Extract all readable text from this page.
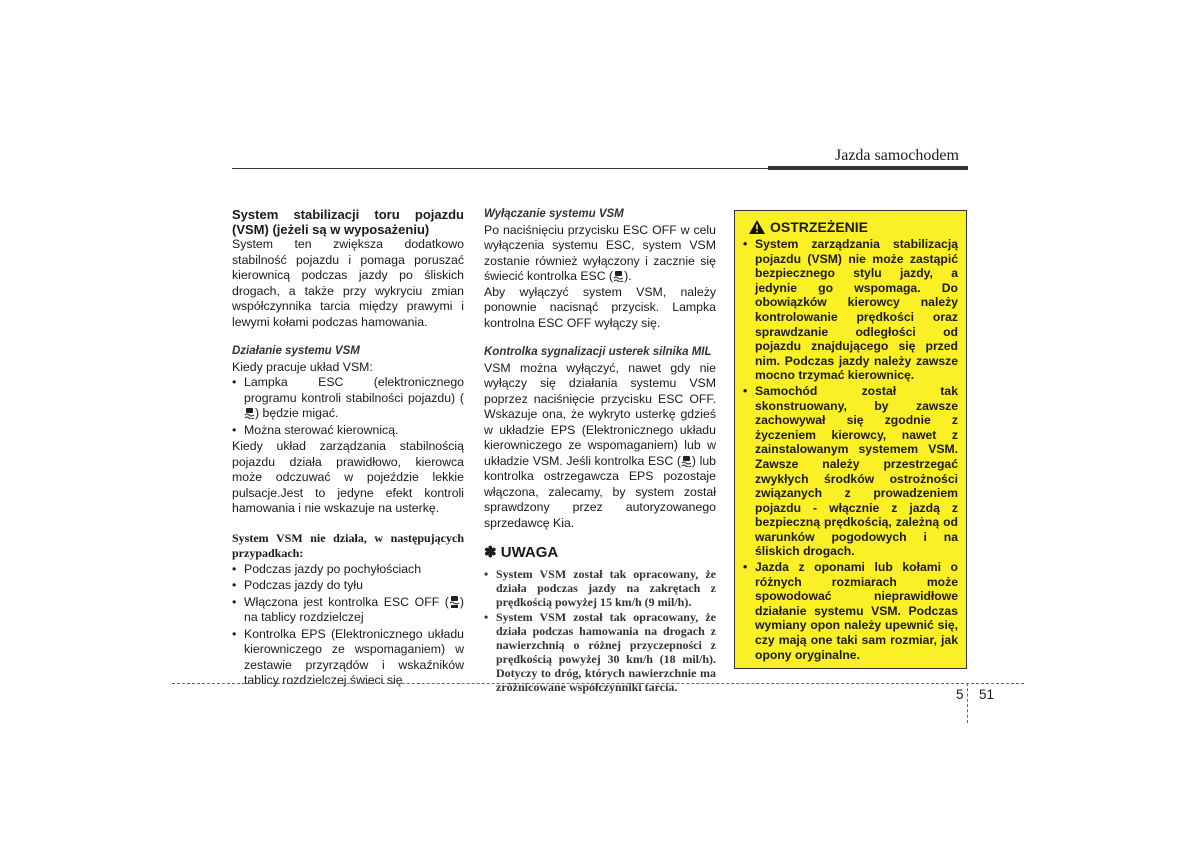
Jazda samochodem

System stabilizacji toru pojazdu (VSM) (jeżeli są w wyposażeniu)

System ten zwiększa dodatkowo stabilność pojazdu i pomaga poruszać kierownicą podczas jazdy po śliskich drogach, a także przy wykryciu zmian współczynnika tarcia między prawymi i lewymi kołami podczas hamowania.

Działanie systemu VSM

Kiedy pracuje układ VSM:

• Lampka ESC (elektronicznego programu kontroli stabilności pojazdu) () będzie migać.
• Można sterować kierownicą.

Kiedy układ zarządzania stabilnością pojazdu działa prawidłowo, kierowca może odczuwać w pojeździe lekkie pulsacje.Jest to jedyne efekt kontroli hamowania i nie wskazuje na usterkę.

System VSM nie działa, w następujących przypadkach:

• Podczas jazdy po pochyłościach
• Podczas jazdy do tyłu
• Włączona jest kontrolka ESC OFF ( ) na tablicy rozdzielczej
• Kontrolka EPS (Elektronicznego układu kierowniczego ze wspomaganiem) w zestawie przyrządów i wskaźników tablicy rozdzielczej świeci się

Wyłączanie systemu VSM

Po naciśnięciu przycisku ESC OFF w celu wyłączenia systemu ESC, system VSM zostanie również wyłączony i zacznie się świecić kontrolka ESC ( ).

Aby wyłączyć system VSM, należy ponownie nacisnąć przycisk. Lampka kontrolna ESC OFF wyłączy się.

Kontrolka sygnalizacji usterek silnika MIL

VSM można wyłączyć, nawet gdy nie wyłączy się działania systemu VSM poprzez naciśnięcie przycisku ESC OFF. Wskazuje ona, że wykryto usterkę gdzieś w układzie EPS (Elektronicznego układu kierowniczego ze wspomaganiem) lub w układzie VSM. Jeśli kontrolka ESC ( ) lub kontrolka ostrzegawcza EPS pozostaje włączona, zalecamy, by system został sprawdzony przez autoryzowanego sprzedawcę Kia.

✽ UWAGA

• System VSM został tak opracowany, że działa podczas jazdy na zakrętach z prędkością powyżej 15 km/h (9 mil/h).
• System VSM został tak opracowany, że działa podczas hamowania na drogach z nawierzchnią o różnej przyczepności z prędkością powyżej 30 km/h (18 mil/h). Dotyczy to dróg, których nawierzchnie ma zróżnicowane współczynniki tarcia.
OSTRZEŻENIE
• System zarządzania stabilizacją pojazdu (VSM) nie może zastąpić bezpiecznego stylu jazdy, a jedynie go wspomaga. Do obowiązków kierowcy należy kontrolowanie prędkości oraz sprawdzanie odległości od pojazdu znajdującego się przed nim. Podczas jazdy należy zawsze mocno trzymać kierownicę.
• Samochód został tak skonstruowany, by zawsze zachowywał się zgodnie z życzeniem kierowcy, nawet z zainstalowanym systemem VSM. Zawsze należy przestrzegać zwykłych środków ostrożności związanych z prowadzeniem pojazdu - włącznie z jazdą z bezpieczną prędkością, zależną od warunków pogodowych i na śliskich drogach.
• Jazda z oponami lub kołami o różnych rozmiarach może spowodować nieprawidłowe działanie systemu VSM. Podczas wymiany opon należy upewnić się, czy mają one taki sam rozmiar, jak opony oryginalne.
5	51
